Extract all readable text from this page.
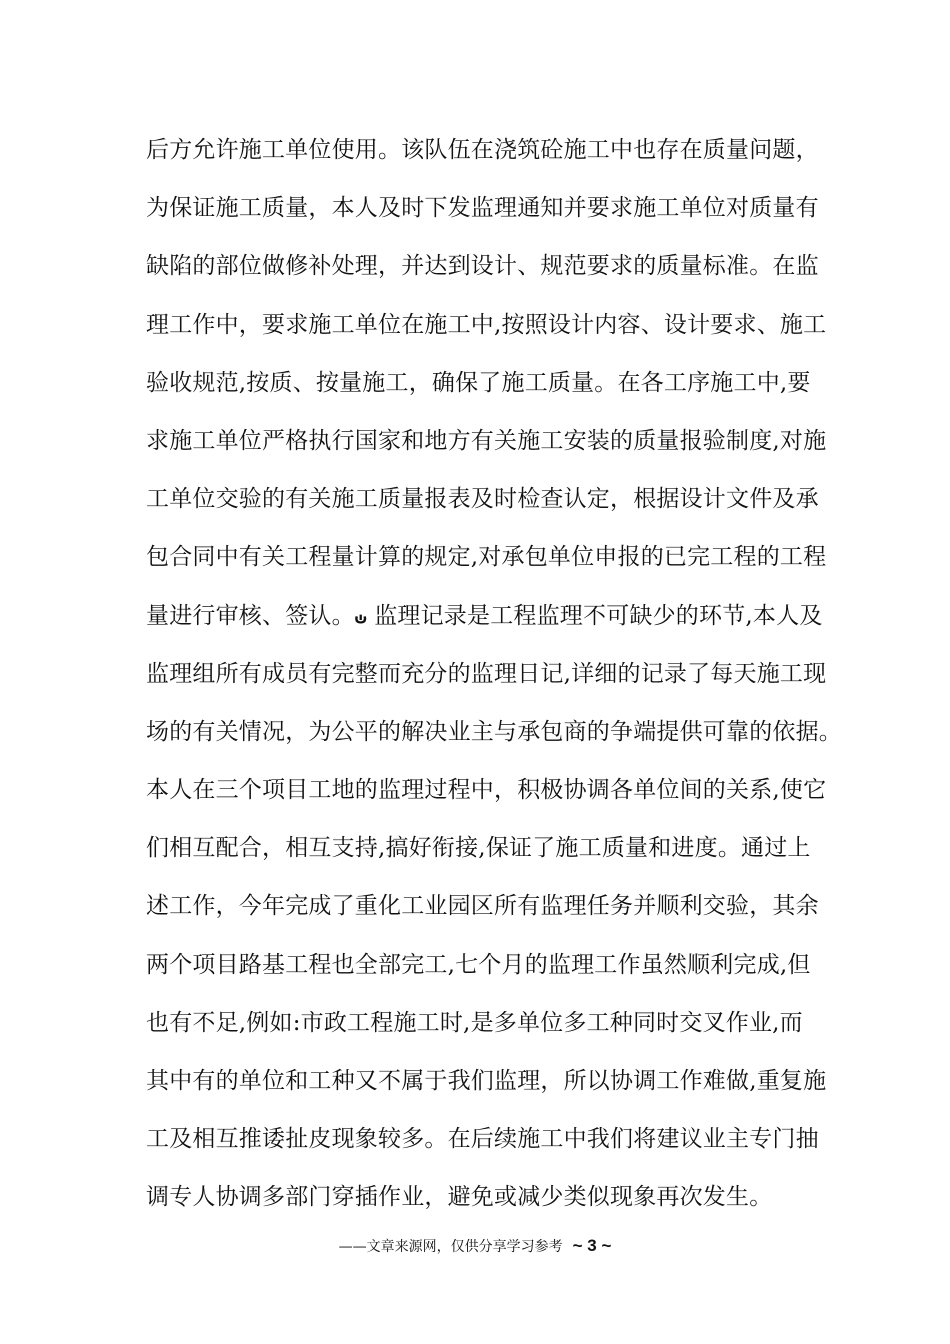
后方允许施工单位使用。该队伍在浇筑砼施工中也存在质量问题，
为保证施工质量，本人及时下发监理通知并要求施工单位对质量有
缺陷的部位做修补处理，并达到设计、规范要求的质量标准。在监
理工作中，要求施工单位在施工中,按照设计内容、设计要求、施工
验收规范,按质、按量施工，确保了施工质量。在各工序施工中,要
求施工单位严格执行国家和地方有关施工安装的质量报验制度,对施
工单位交验的有关施工质量报表及时检查认定，根据设计文件及承
包合同中有关工程量计算的规定,对承包单位申报的已完工程的工程
量进行审核、签认。ഄ 监理记录是工程监理不可缺少的环节,本人及
监理组所有成员有完整而充分的监理日记,详细的记录了每天施工现
场的有关情况，为公平的解决业主与承包商的争端提供可靠的依据。
本人在三个项目工地的监理过程中，积极协调各单位间的关系,使它
们相互配合，相互支持,搞好衔接,保证了施工质量和进度。通过上
述工作，今年完成了重化工业园区所有监理任务并顺利交验，其余
两个项目路基工程也全部完工,七个月的监理工作虽然顺利完成,但
也有不足,例如:市政工程施工时,是多单位多工种同时交叉作业,而
其中有的单位和工种又不属于我们监理，所以协调工作难做,重复施
工及相互推诿扯皮现象较多。在后续施工中我们将建议业主专门抽
调专人协调多部门穿插作业，避免或减少类似现象再次发生。
——文章来源网，仅供分享学习参考 ~ 3 ~
